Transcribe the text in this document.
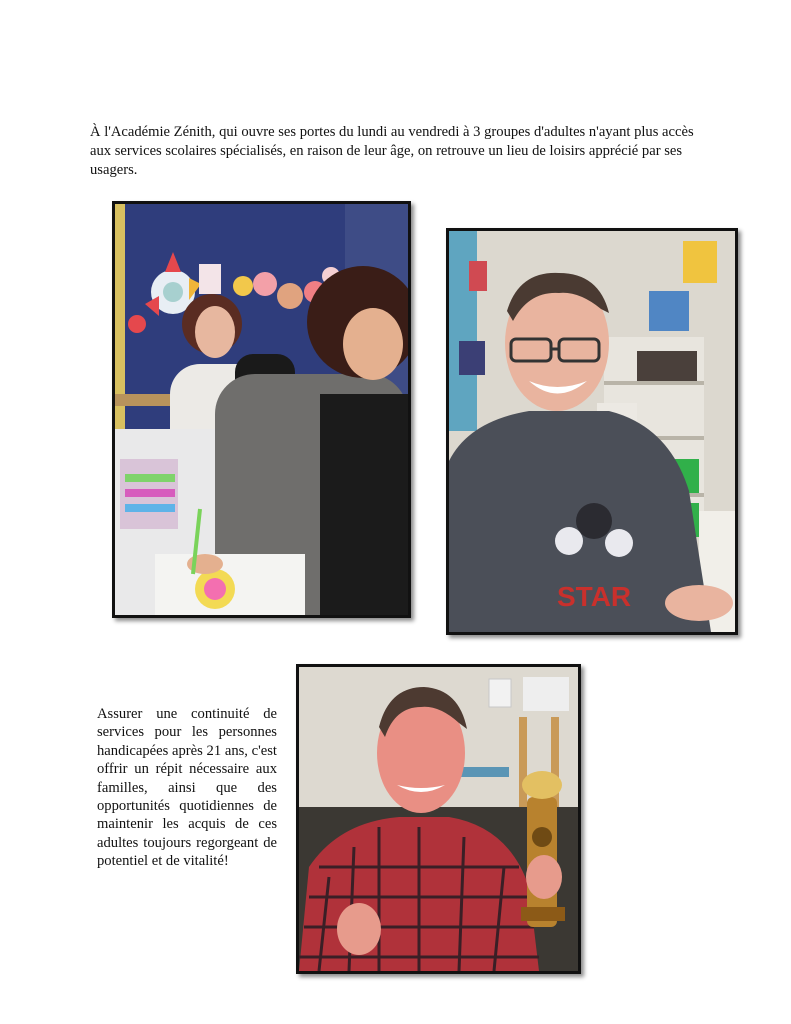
À l'Académie Zénith, qui ouvre ses portes du lundi au vendredi à 3 groupes d'adultes n'ayant plus accès aux services scolaires spécialisés, en raison de leur âge, on retrouve un lieu de loisirs apprécié par ses usagers.

STAR

Assurer une continuité de services pour les personnes handicapées après 21 ans, c'est offrir un répit nécessaire aux familles, ainsi que des opportunités quotidiennes de maintenir les acquis de ces adultes toujours regorgeant de potentiel et de vitalité!
